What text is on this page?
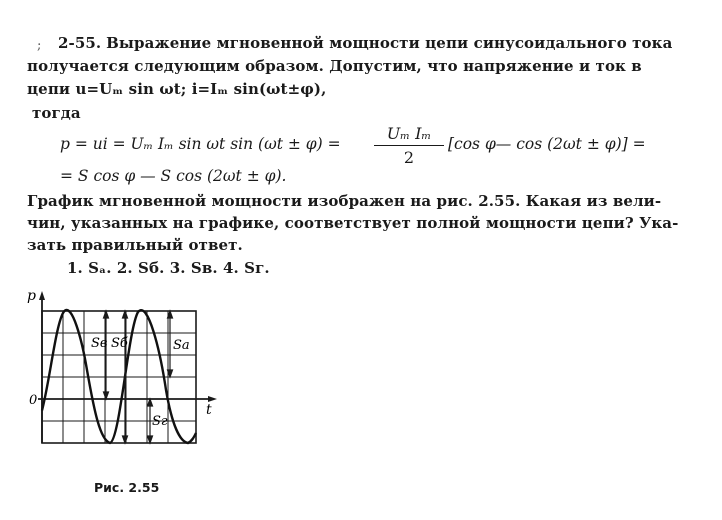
; 2-55. Выражение мгновенной мощности цепи синусоидального тока
получается следующим образом. Допустим, что напряжение и ток в
цепи u=Uₘ sin ωt; i=Iₘ sin(ωt±φ),
тогда
p = ui = Uₘ Iₘ sin ωt $\sin (\omega t \pm \varphi) = \frac{\text{Uₘ Iₘ}}{2} [\cos$ φ— cos (2ωt ± φ)] =
= S cos φ — S cos (2ωt ± φ).
График мгновенной мощности изображен на рис. 2.55. Какая из вели-
чин, указанных на графике, соответствует полной мощности цепи? Ука-
зать правильный ответ.
1. Sₐ. 2. Sб. 3. Sв. 4. Sг.
p
t
0
Sв Sб	Sа
Sг
Рис. 2.55
